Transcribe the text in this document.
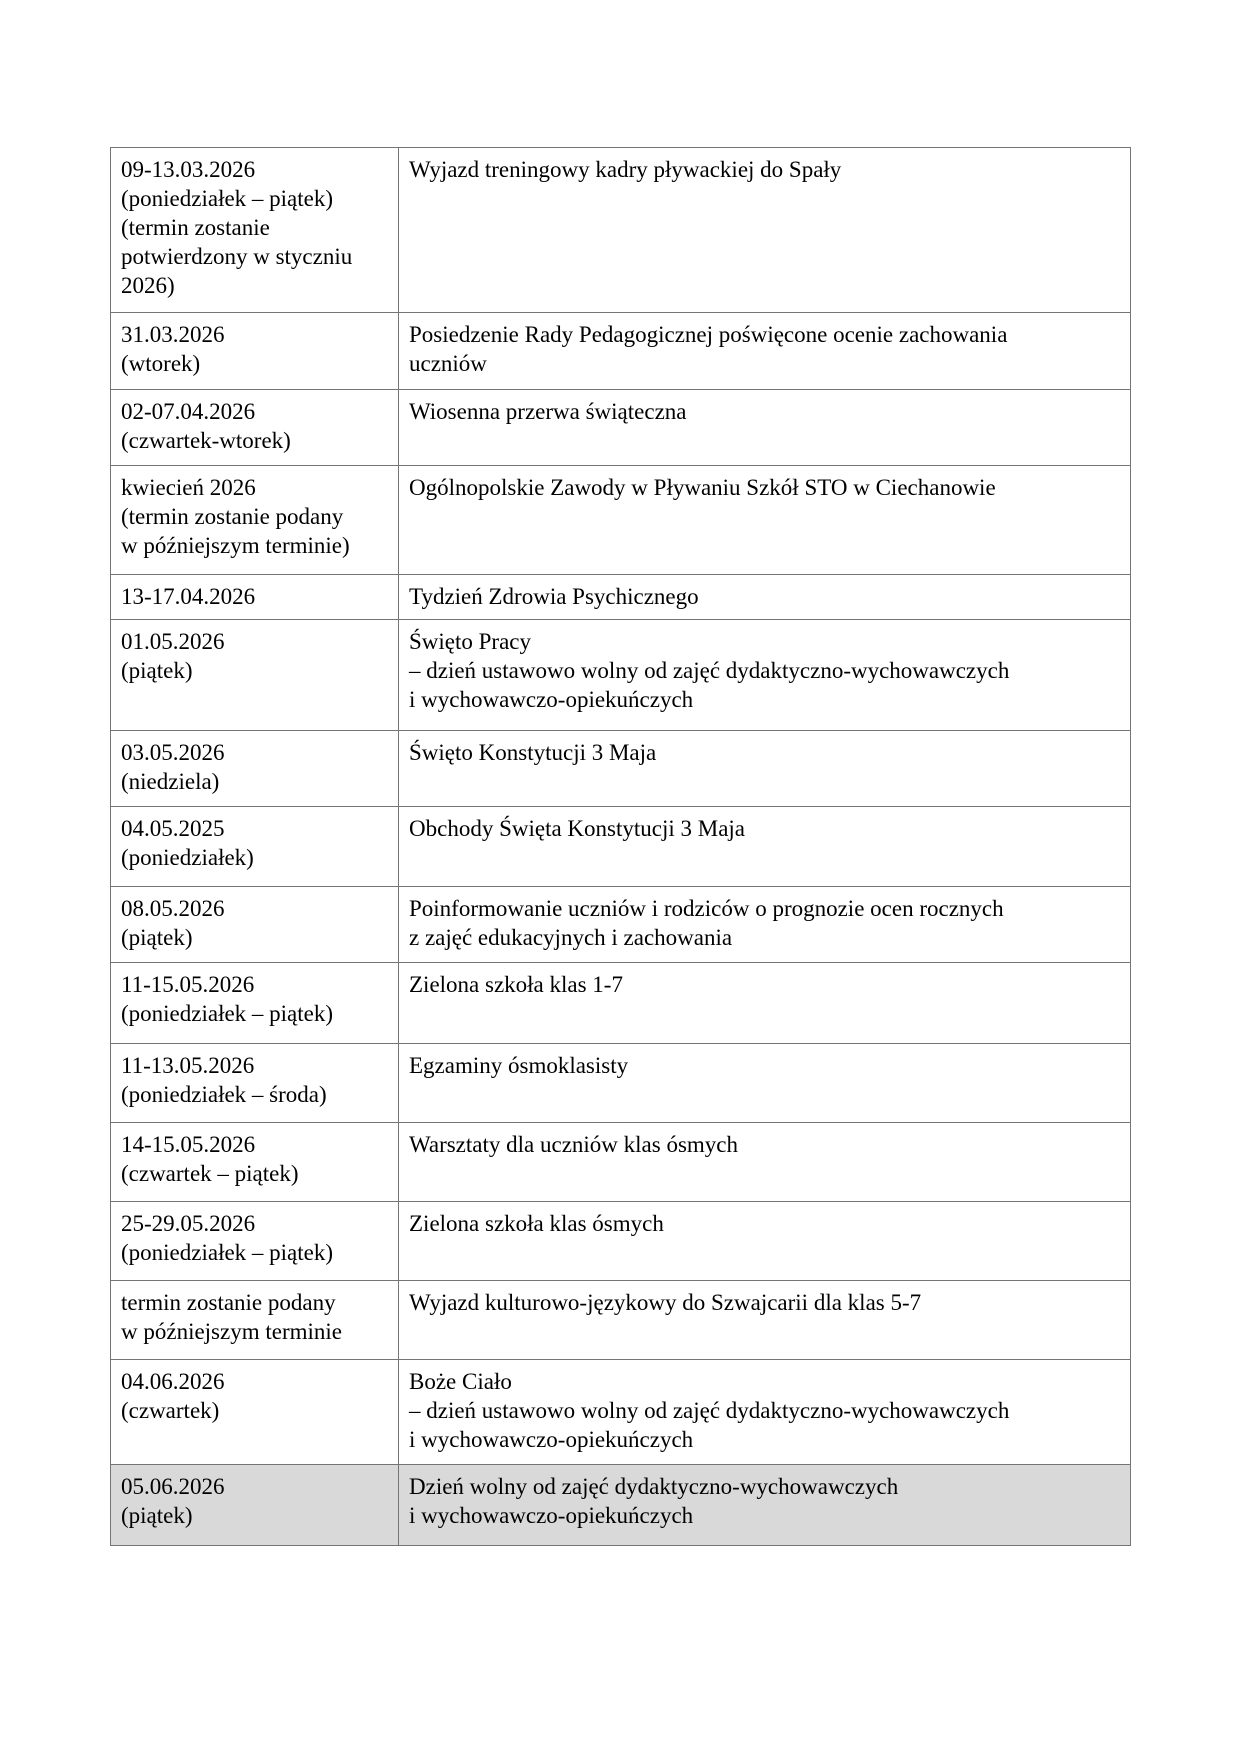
09-13.03.2026
(poniedziałek – piątek)
(termin zostanie
potwierdzony w styczniu
2026)
Wyjazd treningowy kadry pływackiej do Spały
31.03.2026
(wtorek)
Posiedzenie Rady Pedagogicznej poświęcone ocenie zachowania
uczniów
02-07.04.2026
(czwartek-wtorek)
Wiosenna przerwa świąteczna
kwiecień 2026
(termin zostanie podany
w późniejszym terminie)
Ogólnopolskie Zawody w Pływaniu Szkół STO w Ciechanowie
13-17.04.2026	Tydzień Zdrowia Psychicznego
01.05.2026
(piątek)
Święto Pracy
– dzień ustawowo wolny od zajęć dydaktyczno-wychowawczych
i wychowawczo-opiekuńczych
03.05.2026
(niedziela)
Święto Konstytucji 3 Maja
04.05.2025
(poniedziałek)
Obchody Święta Konstytucji 3 Maja
08.05.2026
(piątek)
Poinformowanie uczniów i rodziców o prognozie ocen rocznych
z zajęć edukacyjnych i zachowania
11-15.05.2026
(poniedziałek – piątek)
Zielona szkoła klas 1-7
11-13.05.2026
(poniedziałek – środa)
Egzaminy ósmoklasisty
14-15.05.2026
(czwartek – piątek)
Warsztaty dla uczniów klas ósmych
25-29.05.2026
(poniedziałek – piątek)
Zielona szkoła klas ósmych
termin zostanie podany
w późniejszym terminie
Wyjazd kulturowo-językowy do Szwajcarii dla klas 5-7
04.06.2026
(czwartek)
Boże Ciało
– dzień ustawowo wolny od zajęć dydaktyczno-wychowawczych
i wychowawczo-opiekuńczych
05.06.2026
(piątek)
Dzień wolny od zajęć dydaktyczno-wychowawczych
i wychowawczo-opiekuńczych
